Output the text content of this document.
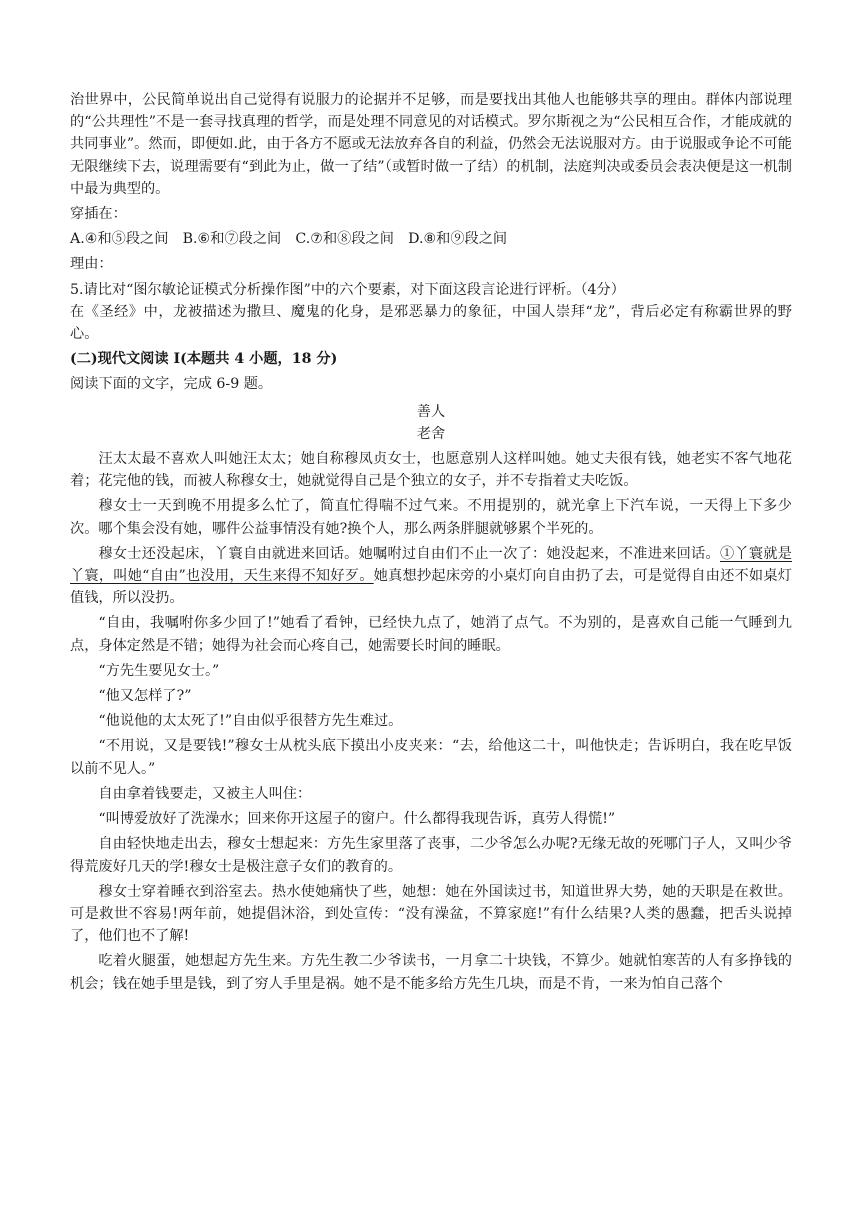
治世界中，公民简单说出自己觉得有说服力的论据并不足够，而是要找出其他人也能够共享的理由。群体内部说理的“公共理性”不是一套寻找真理的哲学，而是处理不同意见的对话模式。罗尔斯视之为“公民相互合作，才能成就的共同事业”。然而，即便如.此，由于各方不愿或无法放弃各自的利益，仍然会无法说服对方。由于说服或争论不可能无限继续下去，说理需要有“到此为止，做一了结”（或暂时做一了结）的机制，法庭判决或委员会表决便是这一机制中最为典型的。

穿插在：

A.④和⑤段之间　B.⑥和⑦段之间　C.⑦和⑧段之间　D.⑧和⑨段之间

理由：

5.请比对“图尔敏论证模式分析操作图”中的六个要素，对下面这段言论进行评析。（4分）

在《圣经》中，龙被描述为撒旦、魔鬼的化身，是邪恶暴力的象征，中国人崇拜“龙”，背后必定有称霸世界的野心。

(二)现代文阅读 I(本题共 4 小题，18 分)

阅读下面的文字，完成 6-9 题。

善人

老舍

汪太太最不喜欢人叫她汪太太；她自称穆凤贞女士，也愿意别人这样叫她。她丈夫很有钱，她老实不客气地花着；花完他的钱，而被人称穆女士，她就觉得自己是个独立的女子，并不专指着丈夫吃饭。

穆女士一天到晚不用提多么忙了，简直忙得喘不过气来。不用提别的，就光拿上下汽车说，一天得上下多少次。哪个集会没有她，哪件公益事情没有她?换个人，那么两条胖腿就够累个半死的。

穆女士还没起床，丫寰自由就进来回话。她嘱咐过自由们不止一次了：她没起来，不准进来回话。①丫寰就是丫寰，叫她“自由”也没用，天生来得不知好歹。她真想抄起床旁的小桌灯向自由扔了去，可是觉得自由还不如桌灯值钱，所以没扔。

“自由，我嘱咐你多少回了!”她看了看钟，已经快九点了，她消了点气。不为别的，是喜欢自己能一气睡到九点，身体定然是不错；她得为社会而心疼自己，她需要长时间的睡眠。

“方先生要见女士。”

“他又怎样了?”

“他说他的太太死了!”自由似乎很替方先生难过。

“不用说，又是要钱!”穆女士从枕头底下摸出小皮夹来：“去，给他这二十，叫他快走；告诉明白，我在吃早饭以前不见人。”

自由拿着钱要走，又被主人叫住：

“叫博爱放好了洗澡水；回来你开这屋子的窗户。什么都得我现告诉，真劳人得慌!”

自由轻快地走出去，穆女士想起来：方先生家里落了丧事，二少爷怎么办呢?无缘无故的死哪门子人，又叫少爷得荒废好几天的学!穆女士是极注意子女们的教育的。

穆女士穿着睡衣到浴室去。热水使她痛快了些，她想：她在外国读过书，知道世界大势，她的天职是在救世。可是救世不容易!两年前，她提倡沐浴，到处宣传：“没有澡盆，不算家庭!”有什么结果?人类的愚蠢，把舌头说掉了，他们也不了解!

吃着火腿蛋，她想起方先生来。方先生教二少爷读书，一月拿二十块钱，不算少。她就怕寒苦的人有多挣钱的机会；钱在她手里是钱，到了穷人手里是祸。她不是不能多给方先生几块，而是不肯，一来为怕自己落个
